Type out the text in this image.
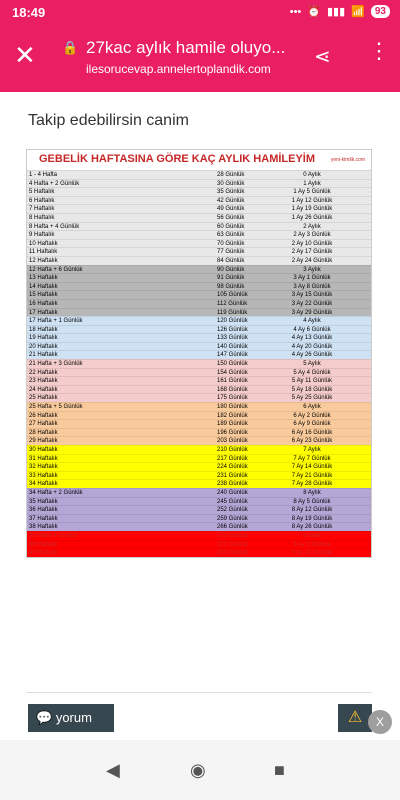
18:49	••• ⏰ ▮▮▮ 📶	93
✕ 🔒 27kac aylık hamile oluyo...
ilesorucevap.annelertoplandik.com
⋖ ⋮
Takip edebilirsin canim
GEBELİK HAFTASINA GÖRE KAÇ AYLIK HAMİLEYİM	yeni-kimlik.com
1 - 4 Hafta	28 Günlük	0 Aylık
4 Hafta + 2 Günlük	30 Günlük	1 Aylık
5 Haftalık	35 Günlük	1 Ay 5 Günlük
6 Haftalık	42 Günlük	1 Ay 12 Günlük
7 Haftalık	49 Günlük	1 Ay 19 Günlük
8 Haftalık	56 Günlük	1 Ay 26 Günlük
8 Hafta + 4 Günlük	60 Günlük	2 Aylık
9 Haftalık	63 Günlük	2 Ay 3 Günlük
10 Haftalık	70 Günlük	2 Ay 10 Günlük
11 Haftalık	77 Günlük	2 Ay 17 Günlük
12 Haftalık	84 Günlük	2 Ay 24 Günlük
12 Hafta + 6 Günlük	90 Günlük	3 Aylık
13 Haftalık	91 Günlük	3 Ay 1 Günlük
14 Haftalık	98 Günlük	3 Ay 8 Günlük
15 Haftalık	105 Günlük	3 Ay 15 Günlük
16 Haftalık	112 Günlük	3 Ay 22 Günlük
17 Haftalık	119 Günlük	3 Ay 29 Günlük
17 Hafta + 1 Günlük	120 Günlük	4 Aylık
18 Haftalık	126 Günlük	4 Ay 6 Günlük
19 Haftalık	133 Günlük	4 Ay 13 Günlük
20 Haftalık	140 Günlük	4 Ay 20 Günlük
21 Haftalık	147 Günlük	4 Ay 26 Günlük
21 Hafta + 3 Günlük	150 Günlük	5 Aylık
22 Haftalık	154 Günlük	5 Ay 4 Günlük
23 Haftalık	161 Günlük	5 Ay 11 Günlük
24 Haftalık	168 Günlük	5 Ay 18 Günlük
25 Haftalık	175 Günlük	5 Ay 25 Günlük
25 Hafta + 5 Günlük	180 Günlük	6 Aylık
26 Haftalık	182 Günlük	6 Ay 2 Günlük
27 Haftalık	189 Günlük	6 Ay 9 Günlük
28 Haftalık	196 Günlük	6 Ay 16 Günlük
29 Haftalık	203 Günlük	6 Ay 23 Günlük
30 Haftalık	210 Günlük	7 Aylık
31 Haftalık	217 Günlük	7 Ay 7 Günlük
32 Haftalık	224 Günlük	7 Ay 14 Günlük
33 Haftalık	231 Günlük	7 Ay 21 Günlük
34 Haftalık	238 Günlük	7 Ay 28 Günlük
34 Hafta + 2 Günlük	240 Günlük	8 Aylık
35 Haftalık	245 Günlük	8 Ay 5 Günlük
36 Haftalık	252 Günlük	8 Ay 12 Günlük
37 Haftalık	259 Günlük	8 Ay 19 Günlük
38 Haftalık	266 Günlük	8 Ay 26 Günlük
38 Hafta 4 Günlük	270 Günlük	9 Aylık
39 Haftalık	273 Günlük	9 Ay 3 Günlük
40 Haftalık	280 Günlük	9 Ay 10 Günlük
💬 yorum	⚠	X
◀	◉	■
